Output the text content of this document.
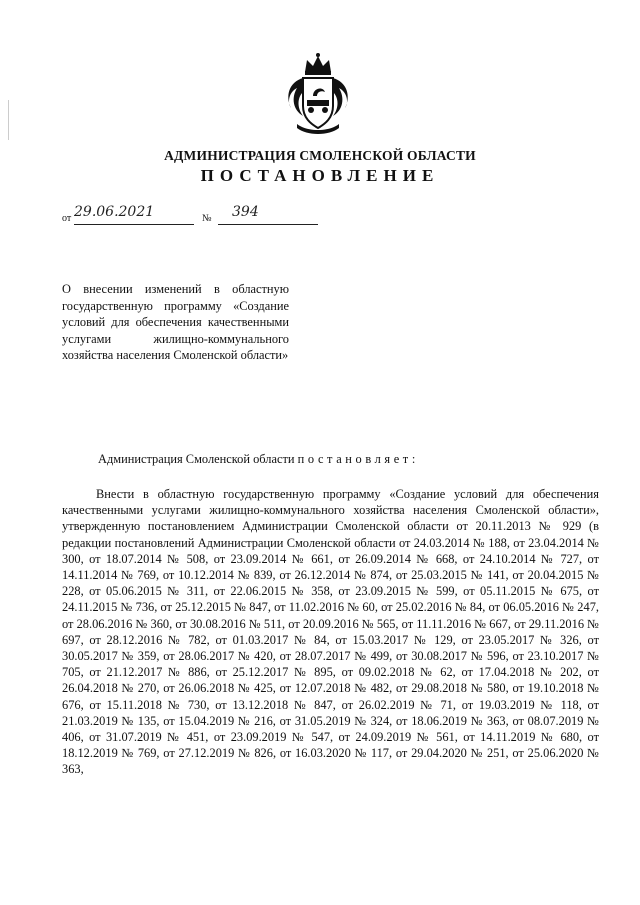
АДМИНИСТРАЦИЯ СМОЛЕНСКОЙ ОБЛАСТИ
ПОСТАНОВЛЕНИЕ
от 29.06.2021	№ 394
О внесении изменений в областную государственную программу «Создание условий для обеспечения качественными услугами жилищно-коммунального хозяйства населения Смоленской области»
Администрация Смоленской области постановляет:

Внести в областную государственную программу «Создание условий для обеспечения качественными услугами жилищно-коммунального хозяйства населения Смоленской области», утвержденную постановлением Администрации Смоленской области от 20.11.2013 № 929 (в редакции постановлений Администрации Смоленской области от 24.03.2014 № 188, от 23.04.2014 № 300, от 18.07.2014 № 508, от 23.09.2014 № 661, от 26.09.2014 № 668, от 24.10.2014 № 727, от 14.11.2014 № 769, от 10.12.2014 № 839, от 26.12.2014 № 874, от 25.03.2015 № 141, от 20.04.2015 № 228, от 05.06.2015 № 311, от 22.06.2015 № 358, от 23.09.2015 № 599, от 05.11.2015 № 675, от 24.11.2015 № 736, от 25.12.2015 № 847, от 11.02.2016 № 60, от 25.02.2016 № 84, от 06.05.2016 № 247, от 28.06.2016 № 360, от 30.08.2016 № 511, от 20.09.2016 № 565, от 11.11.2016 № 667, от 29.11.2016 № 697, от 28.12.2016 № 782, от 01.03.2017 № 84, от 15.03.2017 № 129, от 23.05.2017 № 326, от 30.05.2017 № 359, от 28.06.2017 № 420, от 28.07.2017 № 499, от 30.08.2017 № 596, от 23.10.2017 № 705, от 21.12.2017 № 886, от 25.12.2017 № 895, от 09.02.2018 № 62, от 17.04.2018 № 202, от 26.04.2018 № 270, от 26.06.2018 № 425, от 12.07.2018 № 482, от 29.08.2018 № 580, от 19.10.2018 № 676, от 15.11.2018 № 730, от 13.12.2018 № 847, от 26.02.2019 № 71, от 19.03.2019 № 118, от 21.03.2019 № 135, от 15.04.2019 № 216, от 31.05.2019 № 324, от 18.06.2019 № 363, от 08.07.2019 № 406, от 31.07.2019 № 451, от 23.09.2019 № 547, от 24.09.2019 № 561, от 14.11.2019 № 680, от 18.12.2019 № 769, от 27.12.2019 № 826, от 16.03.2020 № 117, от 29.04.2020 № 251, от 25.06.2020 № 363,
